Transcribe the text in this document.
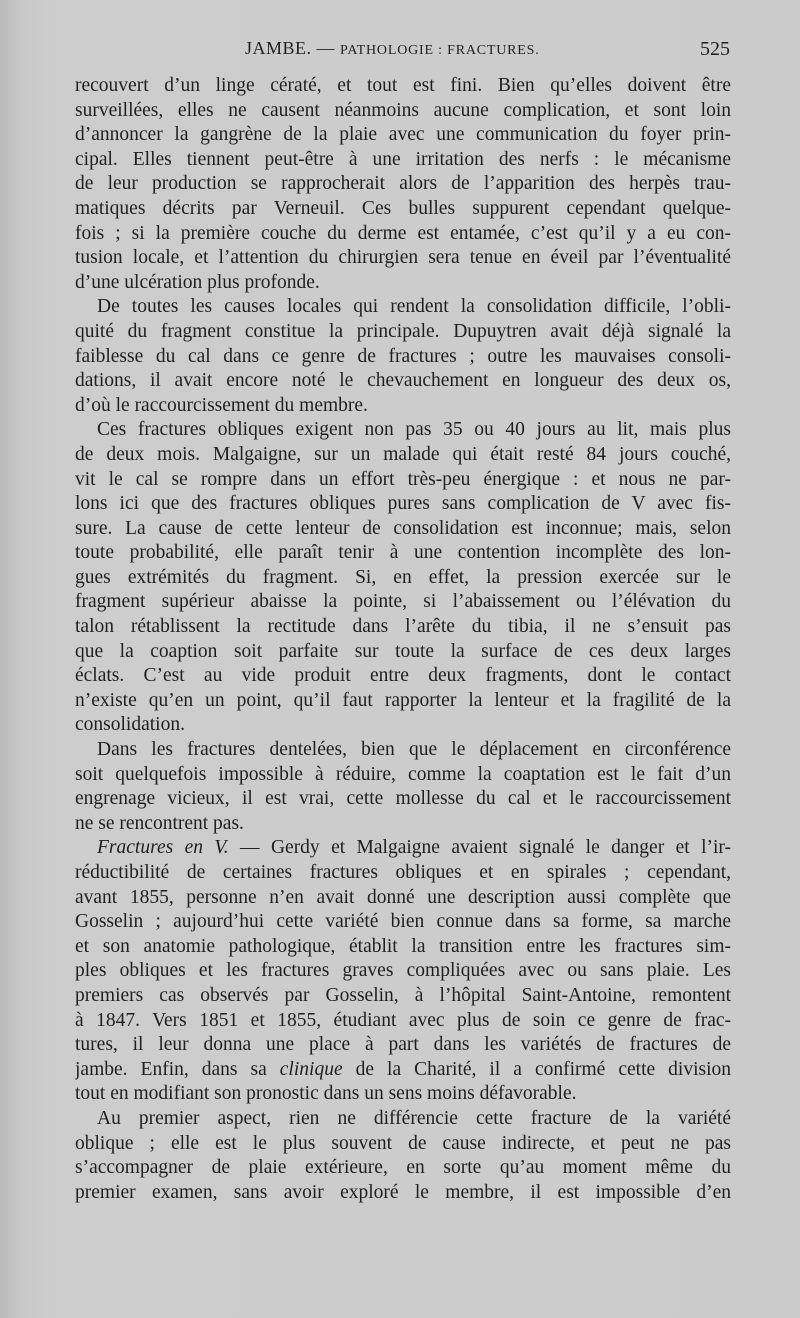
JAMBE. — PATHOLOGIE : FRACTURES.	525
recouvert d’un linge cératé, et tout est fini. Bien qu’elles doivent être
surveillées, elles ne causent néanmoins aucune complication, et sont loin
d’annoncer la gangrène de la plaie avec une communication du foyer prin-
cipal. Elles tiennent peut-être à une irritation des nerfs : le mécanisme
de leur production se rapprocherait alors de l’apparition des herpès trau-
matiques décrits par Verneuil. Ces bulles suppurent cependant quelque-
fois ; si la première couche du derme est entamée, c’est qu’il y a eu con-
tusion locale, et l’attention du chirurgien sera tenue en éveil par l’éventualité
d’une ulcération plus profonde.
De toutes les causes locales qui rendent la consolidation difficile, l’obli-
quité du fragment constitue la principale. Dupuytren avait déjà signalé la
faiblesse du cal dans ce genre de fractures ; outre les mauvaises consoli-
dations, il avait encore noté le chevauchement en longueur des deux os,
d’où le raccourcissement du membre.
Ces fractures obliques exigent non pas 35 ou 40 jours au lit, mais plus
de deux mois. Malgaigne, sur un malade qui était resté 84 jours couché,
vit le cal se rompre dans un effort très-peu énergique : et nous ne par-
lons ici que des fractures obliques pures sans complication de V avec fis-
sure. La cause de cette lenteur de consolidation est inconnue; mais, selon
toute probabilité, elle paraît tenir à une contention incomplète des lon-
gues extrémités du fragment. Si, en effet, la pression exercée sur le
fragment supérieur abaisse la pointe, si l’abaissement ou l’élévation du
talon rétablissent la rectitude dans l’arête du tibia, il ne s’ensuit pas
que la coaption soit parfaite sur toute la surface de ces deux larges
éclats. C’est au vide produit entre deux fragments, dont le contact
n’existe qu’en un point, qu’il faut rapporter la lenteur et la fragilité de la
consolidation.
Dans les fractures dentelées, bien que le déplacement en circonférence
soit quelquefois impossible à réduire, comme la coaptation est le fait d’un
engrenage vicieux, il est vrai, cette mollesse du cal et le raccourcissement
ne se rencontrent pas.
Fractures en V. — Gerdy et Malgaigne avaient signalé le danger et l’ir-
réductibilité de certaines fractures obliques et en spirales ; cependant,
avant 1855, personne n’en avait donné une description aussi complète que
Gosselin ; aujourd’hui cette variété bien connue dans sa forme, sa marche
et son anatomie pathologique, établit la transition entre les fractures sim-
ples obliques et les fractures graves compliquées avec ou sans plaie. Les
premiers cas observés par Gosselin, à l’hôpital Saint-Antoine, remontent
à 1847. Vers 1851 et 1855, étudiant avec plus de soin ce genre de frac-
tures, il leur donna une place à part dans les variétés de fractures de
jambe. Enfin, dans sa clinique de la Charité, il a confirmé cette division
tout en modifiant son pronostic dans un sens moins défavorable.
Au premier aspect, rien ne différencie cette fracture de la variété
oblique ; elle est le plus souvent de cause indirecte, et peut ne pas
s’accompagner de plaie extérieure, en sorte qu’au moment même du
premier examen, sans avoir exploré le membre, il est impossible d’en
